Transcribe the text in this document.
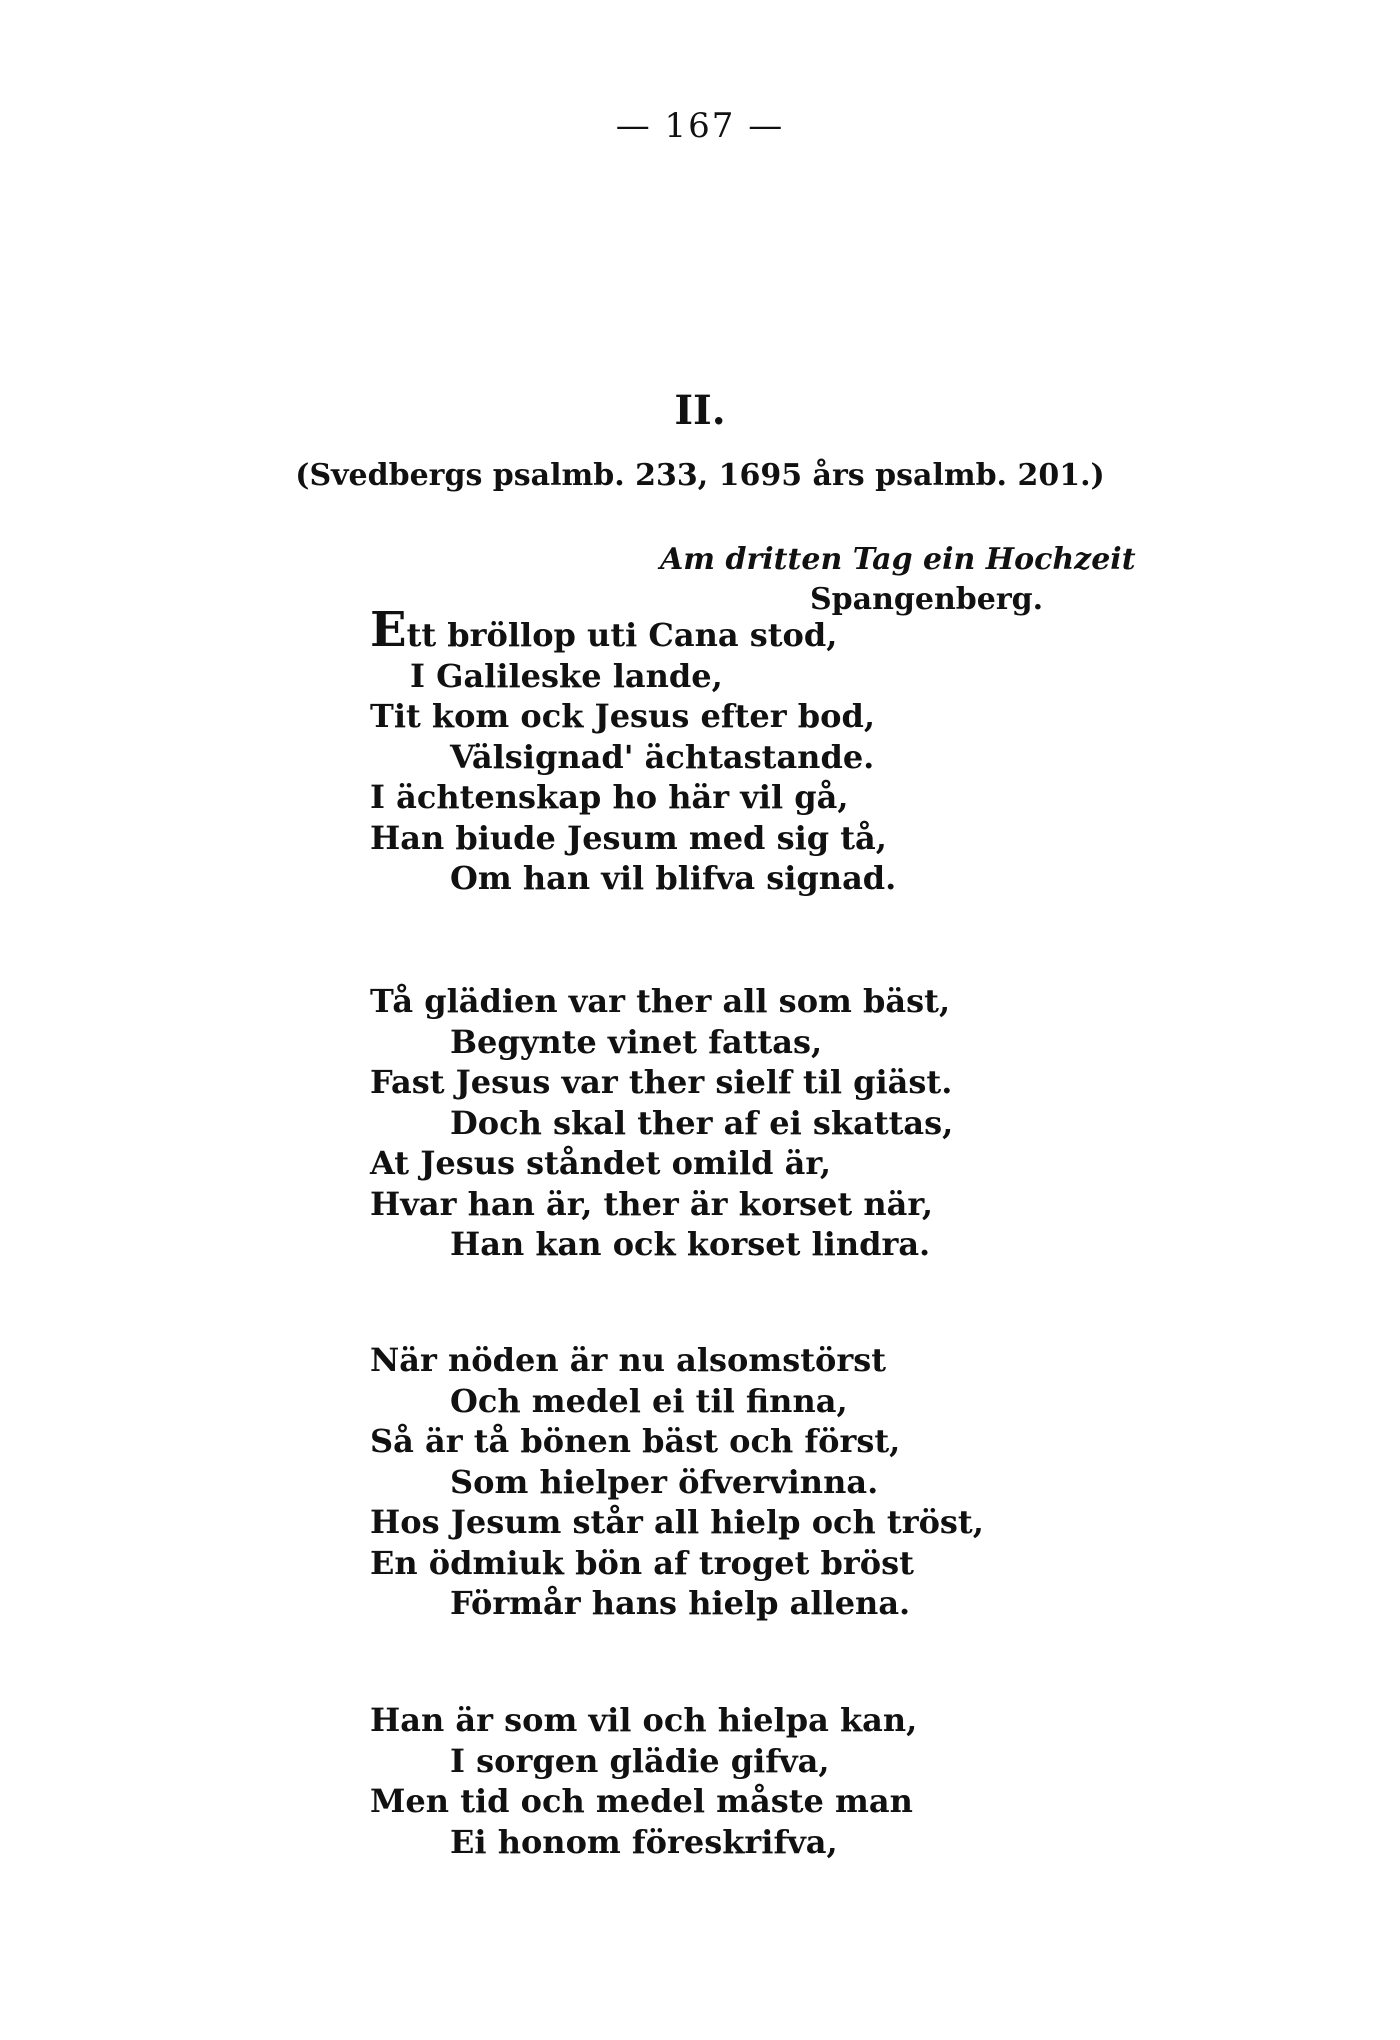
— 167 —
II.
(Svedbergs psalmb. 233, 1695 års psalmb. 201.)
Am dritten Tag ein Hochzeit
Spangenberg.
Ett bröllop uti Cana stod,
I Galileske lande,
Tit kom ock Jesus efter bod,
Välsignad' ächtastande.
I ächtenskap ho här vil gå,
Han biude Jesum med sig tå,
Om han vil blifva signad.
Tå glädien var ther all som bäst,
Begynte vinet fattas,
Fast Jesus var ther sielf til giäst.
Doch skal ther af ei skattas,
At Jesus ståndet omild är,
Hvar han är, ther är korset när,
Han kan ock korset lindra.
När nöden är nu alsomstörst
Och medel ei til finna,
Så är tå bönen bäst och först,
Som hielper öfvervinna.
Hos Jesum står all hielp och tröst,
En ödmiuk bön af troget bröst
Förmår hans hielp allena.
Han är som vil och hielpa kan,
I sorgen glädie gifva,
Men tid och medel måste man
Ei honom föreskrifva,
